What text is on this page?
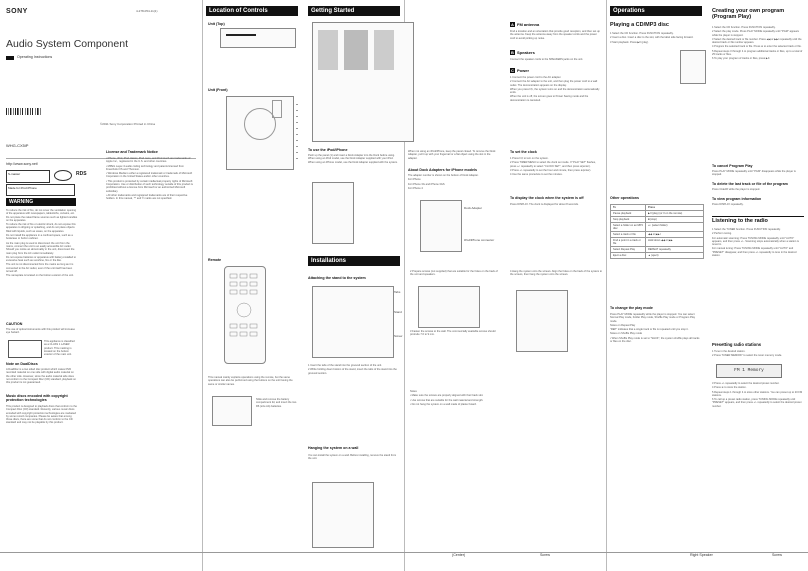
SONY	4-278-054-11(1)
Audio System Component
Operating Instructions
©2011 Sony Corporation Printed in China
WHG-CX5iP
http://www.sony.net/
S-master	RDS
Made for iPod iPhone
WARNING

To reduce the risk of fire, do not cover the ventilation opening of the apparatus with newspapers, tablecloths, curtains, etc. Do not place the naked flame sources such as lighted candles on the apparatus.

To reduce the risk of fire or electric shock, do not expose this apparatus to dripping or splashing, and do not place objects filled with liquids, such as vases, on the apparatus.

Do not install the appliance in a confined space, such as a bookcase or built-in cabinet.

As the main plug is used to disconnect the unit from the mains, connect the unit to an easily accessible AC outlet. Should you notice an abnormality in the unit, disconnect the main plug from the AC outlet immediately.

Do not expose batteries or apparatus with battery-installed to excessive heat such as sunshine, fire or the like.

The unit is not disconnected from the mains as long as it is connected to the AC outlet, even if the unit itself has been turned off.

The nameplate is located on the bottom exterior of the unit.

CAUTION

The use of optical instruments with this product will increase eye hazard.

This appliance is classified as a CLASS 1 LASER product. This marking is located on the bottom exterior of the main unit.

Note on DualDiscs

A DualDisc is a two sided disc product which mates DVD recorded material on one side with digital audio material on the other side. However, since the audio material side does not conform to the Compact Disc (CD) standard, playback on this product is not guaranteed.

Music discs encoded with copyright protection technologies

This product is designed to playback discs that conform to the Compact Disc (CD) standard. Recently, various music discs encoded with copyright protection technologies are marketed by some record companies. Please be aware that among those discs, there are some that do not conform to the CD standard and may not be playable by this product.

License and Trademark Notice

• iPhone, iPod, iPod classic, iPod nano, and iPod touch are trademarks of Apple Inc., registered in the U.S. and other countries.

• MPEG Layer-3 audio coding technology and patents licensed from Fraunhofer IIS and Thomson.

• Windows Media is either a registered trademark or trademark of Microsoft Corporation in the United States and/or other countries.

• This product is protected by certain intellectual property rights of Microsoft Corporation. Use or distribution of such technology outside of this product is prohibited without a license from Microsoft or an authorized Microsoft subsidiary.

• All other trademarks and registered trademarks are of their respective holders. In this manual, ™ and ® marks are not specified.

Location of Controls
Unit (Top)
Unit (Front)
Remote

This manual mainly explains operations using the remote, but the same operations can also be performed using the buttons on the unit having the same or similar names.

Slide and remove the battery compartment lid, and insert the two R6 (size AA) batteries.

Getting Started
To use the iPod/iPhone

Push up the panel (1) and insert a Dock Adapter into the Dock before using. When using an iPod model, use the Dock Adapter supplied with your iPod. When using an iPhone model, use the Dock Adapter supplied with the system.

When not using an iPod/iPhone, keep the panel closed. To remove the Dock Adapter, pull it up with your fingernail or a flat object using the slot in the adapter.

About Dock Adapters for iPhone models

The adapter number is shown on the bottom of Dock Adapter.

For iPhone

For iPhone 3G and iPhone 3GS

For iPhone 4

Dock Adapter
iPod/iPhone connector
A FM antenna

Find a location and an orientation that provide good reception, and then set up the antenna. Keep the antenna away from the speaker cords and the power cord to avoid picking up noise.

B Speakers

Connect the speaker cords to the SPEAKERS jacks on the unit.

C Power

1 Connect the power cord to the AC adapter.

2 Connect the AC adapter to the unit, and then plug the power cord to a wall outlet. The demonstration appears on the display.

When you press I/⏻, the system turns on and the demonstration automatically ends.

When the unit is off, the screen goes to Power Saving mode and the demonstration is canceled.

To set the clock

1 Press I/⏻ to turn on the system.

2 Press TIMER MENU to select the clock set mode. If "PLAY SET" flashes, press +/- repeatedly to select "CLOCK SET", and then press ⊕(enter).

3 Press +/- repeatedly to set the hour and minute, then press ⊕(enter).

4 Use the same procedure to set the minutes.

To display the clock when the system is off

Press DISPLAY. The clock is displayed for about 8 seconds.

Installations
Attaching the stand to the system
Tabs
Stand
Screw

1 Insert the tabs of the stand into the grooved section of the unit.

2 While holding down bottom of the stand, insert the tabs of the stand into the grooved section.

Hanging the system on a wall

You can install the system on a wall. Before installing, remove the stand from the unit.

2 Prepare screws (not supplied) that are suitable for the holes on the back of the unit and speakers.

3 Fasten the screws to the wall. The commercially available screws should protrude 7.6 to 9 mm.

Notes

• Make sure the screws are properly aligned with their back slot.

• Use screws that are suitable for the wall material and strength.

• Do not hang the system on a wall made of plaster board.

4 Hang the system onto the screws. Align the holes on the back of the system to the screws, then hang the system onto the screws.

Operations
Playing a CD/MP3 disc

1 Select the CD function. Press FUNCTION repeatedly.

2 Insert a disc. Insert a disc to the slot, with the label side facing forward.

3 Start playback. Press ▶II (play).

Other operations
To	Press
Pause playback	▶II (play) (or II on the remote)
Stop playback	■ (stop)
Select a folder on an MP3 disc	+/- (select folder)
Select a track or file	◀◀ or ▶▶I
Find a point in a track or file	Hold down ◀◀ or ▶▶
Select Repeat Play	REPEAT repeatedly
Eject a disc	▲ (eject)
To change the play mode

Press PLAY MODE repeatedly while the player is stopped. You can select Normal Play mode, Folder Play mode, Shuffle Play mode or Program Play mode.

Notes on Repeat Play

"REP" indicates that a single track or file is repeated until you stop it.

Notes on Shuffle Play mode

• When Shuffle Play mode is set to "SHUF", the system shuffle plays all tracks or files on the disc.

Creating your own program (Program Play)

1 Select the CD function. Press FUNCTION repeatedly.

2 Select the play mode. Press PLAY MODE repeatedly until "PGM" appears while the player is stopped.

3 Select the desired track or file number. Press ◀◀ or ▶▶I repeatedly until the desired track or file number appears.

4 Program the selected track or file. Press ⊕ to enter the selected track or file.

5 Repeat steps 3 through 4 to program additional tracks or files, up to a total of 25 tracks or files.

6 To play your program of tracks or files, press ▶II.

To cancel Program Play

Press PLAY MODE repeatedly until "PGM" disappears while the player is stopped.

To delete the last track or file of the program

Press CLEAR while the player is stopped.

To view program information

Press DISPLAY repeatedly.

Listening to the radio

1 Select the TUNER function. Press FUNCTION repeatedly.

2 Perform tuning.

For automatic scanning: Press TUNING MODE repeatedly until "AUTO" appears, and then press +/-. Scanning stops automatically when a station is tuned in.

For manual tuning: Press TUNING MODE repeatedly until "AUTO" and "PRESET" disappear, and then press +/- repeatedly to tune in the desired station.

Presetting radio stations

1 Tune in the desired station.

2 Press TUNER MEMORY to select the tuner memory mode.

FM 1 Memory

3 Press +/- repeatedly to select the desired preset number.

4 Press ⊕ to store the station.

5 Repeat steps 1 through 4 to store other stations. You can preset up to 20 FM stations.

6 To call up a preset radio station, press TUNING MODE repeatedly until "PRESET" appears, and then press +/- repeatedly to select the desired preset number.

(Center)	Screw	Right Speaker	Screw
